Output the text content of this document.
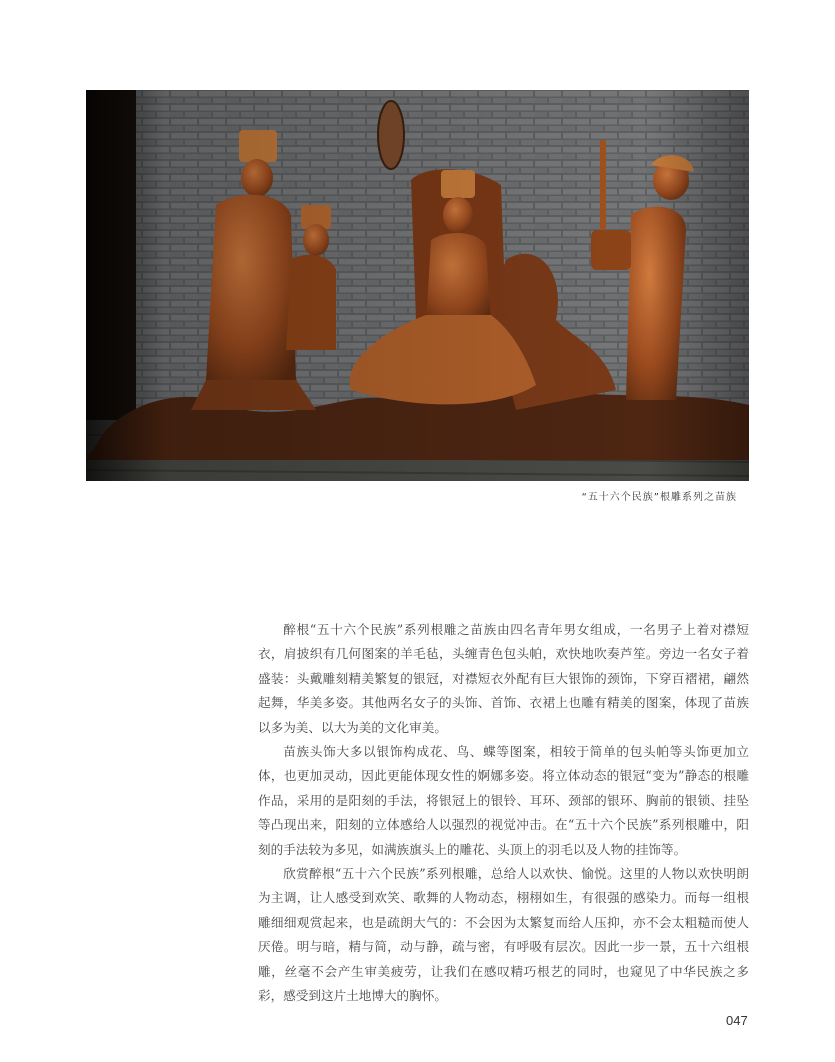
“五十六个民族”根雕系列之苗族

醉根“五十六个民族”系列根雕之苗族由四名青年男女组成，一名男子上着对襟短衣，肩披织有几何图案的羊毛毡，头缠青色包头帕，欢快地吹奏芦笙。旁边一名女子着盛装：头戴雕刻精美繁复的银冠，对襟短衣外配有巨大银饰的颈饰，下穿百褶裙，翩然起舞，华美多姿。其他两名女子的头饰、首饰、衣裙上也雕有精美的图案，体现了苗族以多为美、以大为美的文化审美。

苗族头饰大多以银饰构成花、鸟、蝶等图案，相较于简单的包头帕等头饰更加立体，也更加灵动，因此更能体现女性的婀娜多姿。将立体动态的银冠“变为”静态的根雕作品，采用的是阳刻的手法，将银冠上的银铃、耳环、颈部的银环、胸前的银锁、挂坠等凸现出来，阳刻的立体感给人以强烈的视觉冲击。在“五十六个民族”系列根雕中，阳刻的手法较为多见，如满族旗头上的雕花、头顶上的羽毛以及人物的挂饰等。

欣赏醉根“五十六个民族”系列根雕，总给人以欢快、愉悦。这里的人物以欢快明朗为主调，让人感受到欢笑、歌舞的人物动态，栩栩如生，有很强的感染力。而每一组根雕细细观赏起来，也是疏朗大气的：不会因为太繁复而给人压抑，亦不会太粗糙而使人厌倦。明与暗，精与简，动与静，疏与密，有呼吸有层次。因此一步一景，五十六组根雕，丝毫不会产生审美疲劳，让我们在感叹精巧根艺的同时，也窥见了中华民族之多彩，感受到这片土地博大的胸怀。

047
